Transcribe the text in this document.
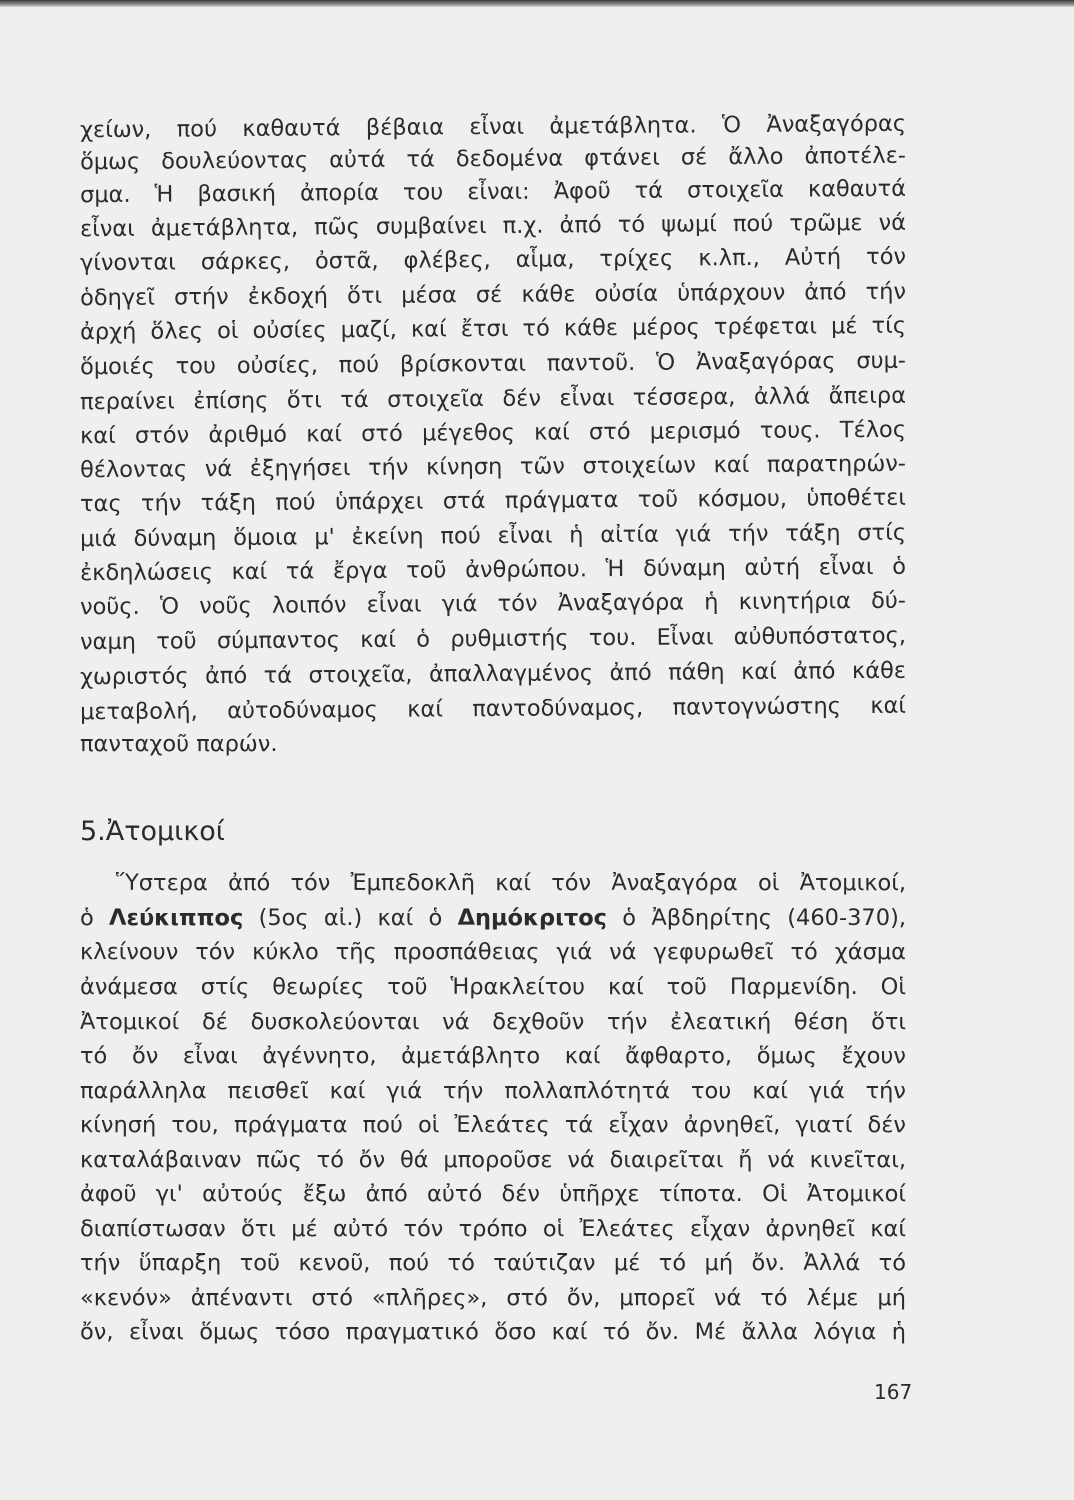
χείων, πού καθαυτά βέβαια εἶναι ἀμετάβλητα. Ὁ Ἀναξαγόρας
ὅμως δουλεύοντας αὐτά τά δεδομένα φτάνει σέ ἄλλο ἀποτέλε-
σμα. Ἡ βασική ἀπορία του εἶναι: Ἀφοῦ τά στοιχεῖα καθαυτά
εἶναι ἀμετάβλητα, πῶς συμβαίνει π.χ. ἀπό τό ψωμί πού τρῶμε νά
γίνονται σάρκες, ὀστᾶ, φλέβες, αἷμα, τρίχες κ.λπ., Αὐτή τόν
ὁδηγεῖ στήν ἐκδοχή ὅτι μέσα σέ κάθε οὐσία ὑπάρχουν ἀπό τήν
ἀρχή ὅλες οἱ οὐσίες μαζί, καί ἔτσι τό κάθε μέρος τρέφεται μέ τίς
ὅμοιές του οὐσίες, πού βρίσκονται παντοῦ. Ὁ Ἀναξαγόρας συμ-
περαίνει ἐπίσης ὅτι τά στοιχεῖα δέν εἶναι τέσσερα, ἀλλά ἄπειρα
καί στόν ἀριθμό καί στό μέγεθος καί στό μερισμό τους. Τέλος
θέλοντας νά ἐξηγήσει τήν κίνηση τῶν στοιχείων καί παρατηρών-
τας τήν τάξη πού ὑπάρχει στά πράγματα τοῦ κόσμου, ὑποθέτει
μιά δύναμη ὅμοια μ' ἐκείνη πού εἶναι ἡ αἰτία γιά τήν τάξη στίς
ἐκδηλώσεις καί τά ἔργα τοῦ ἀνθρώπου. Ἡ δύναμη αὐτή εἶναι ὁ
νοῦς. Ὁ νοῦς λοιπόν εἶναι γιά τόν Ἀναξαγόρα ἡ κινητήρια δύ-
ναμη τοῦ σύμπαντος καί ὁ ρυθμιστής του. Εἶναι αὐθυπόστατος,
χωριστός ἀπό τά στοιχεῖα, ἀπαλλαγμένος ἀπό πάθη καί ἀπό κάθε
μεταβολή, αὐτοδύναμος καί παντοδύναμος, παντογνώστης καί
πανταχοῦ παρών.
5.Ἀτομικοί
Ὕστερα ἀπό τόν Ἐμπεδοκλῆ καί τόν Ἀναξαγόρα οἱ Ἀτομικοί,
ὁ Λεύκιππος (5ος αἰ.) καί ὁ Δημόκριτος ὁ Ἀβδηρίτης (460-370),
κλείνουν τόν κύκλο τῆς προσπάθειας γιά νά γεφυρωθεῖ τό χάσμα
ἀνάμεσα στίς θεωρίες τοῦ Ἡρακλείτου καί τοῦ Παρμενίδη. Οἱ
Ἀτομικοί δέ δυσκολεύονται νά δεχθοῦν τήν ἐλεατική θέση ὅτι
τό ὄν εἶναι ἀγέννητο, ἀμετάβλητο καί ἄφθαρτο, ὅμως ἔχουν
παράλληλα πεισθεῖ καί γιά τήν πολλαπλότητά του καί γιά τήν
κίνησή του, πράγματα πού οἱ Ἐλεάτες τά εἶχαν ἀρνηθεῖ, γιατί δέν
καταλάβαιναν πῶς τό ὄν θά μποροῦσε νά διαιρεῖται ἤ νά κινεῖται,
ἀφοῦ γι' αὐτούς ἔξω ἀπό αὐτό δέν ὑπῆρχε τίποτα. Οἱ Ἀτομικοί
διαπίστωσαν ὅτι μέ αὐτό τόν τρόπο οἱ Ἐλεάτες εἶχαν ἀρνηθεῖ καί
τήν ὕπαρξη τοῦ κενοῦ, πού τό ταύτιζαν μέ τό μή ὄν. Ἀλλά τό
«κενόν» ἀπέναντι στό «πλῆρες», στό ὄν, μπορεῖ νά τό λέμε μή
ὄν, εἶναι ὅμως τόσο πραγματικό ὅσο καί τό ὄν. Μέ ἄλλα λόγια ἡ
167
